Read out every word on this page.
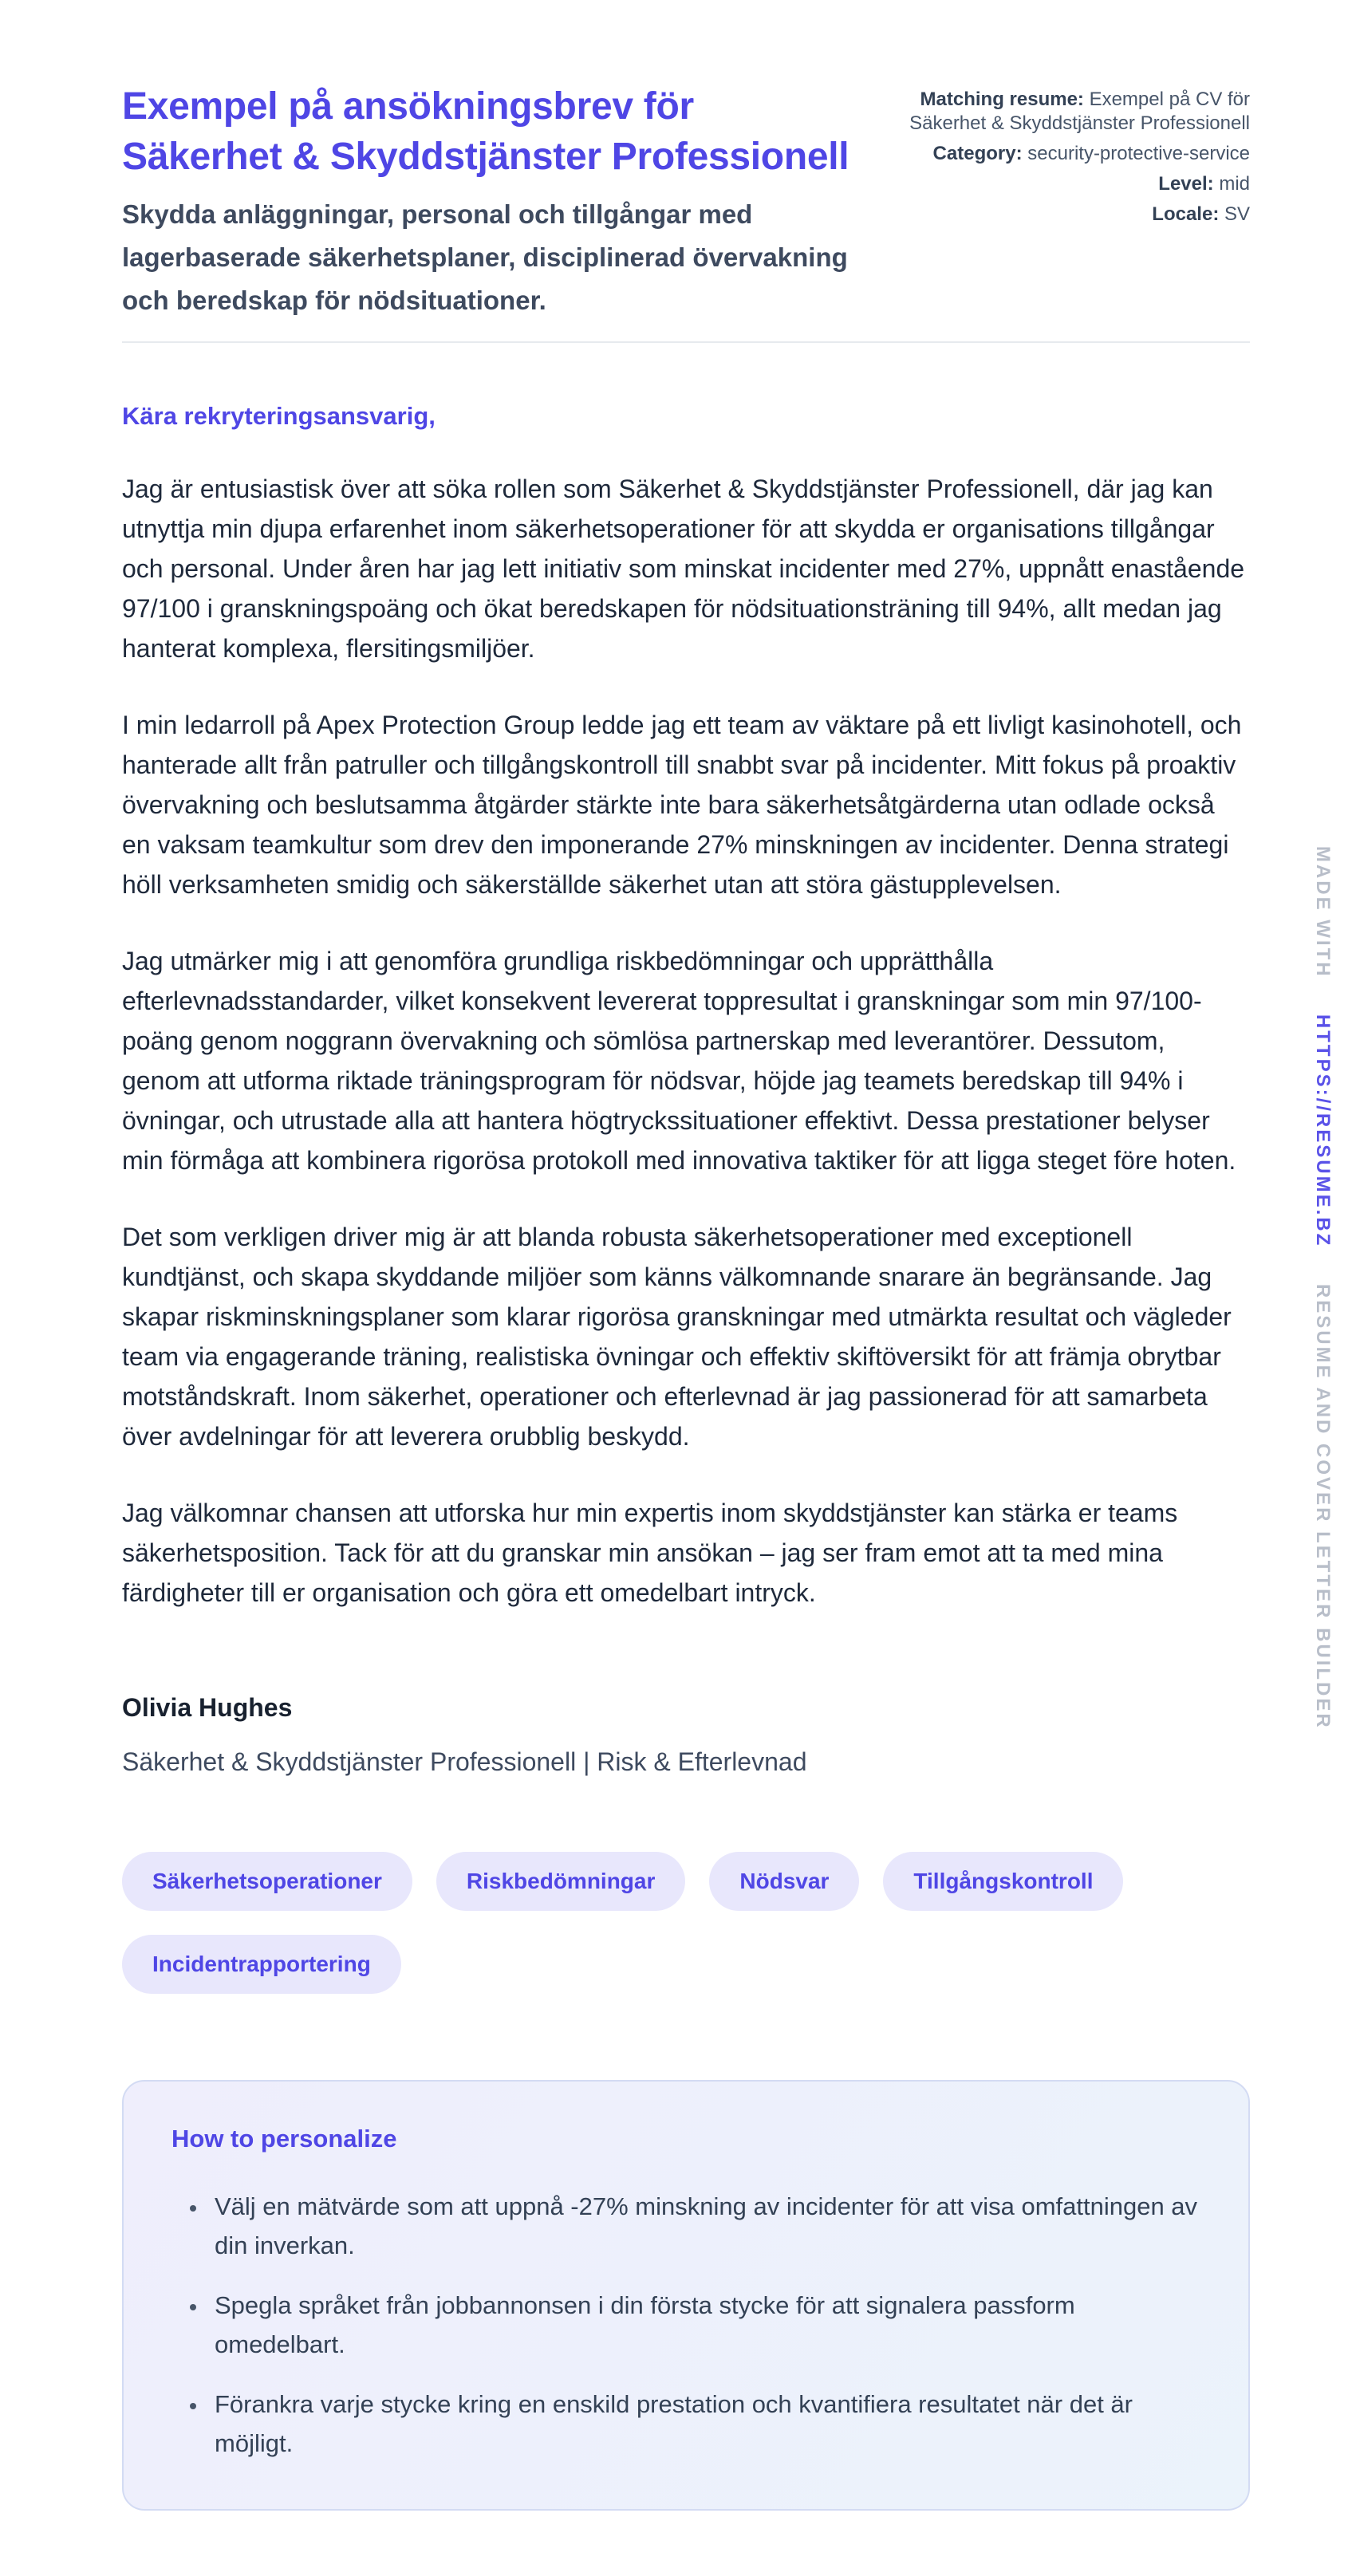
Exempel på ansökningsbrev för Säkerhet & Skyddstjänster Professionell

Skydda anläggningar, personal och tillgångar med lagerbaserade säkerhetsplaner, disciplinerad övervakning och beredskap för nödsituationer.

Matching resume: Exempel på CV för Säkerhet & Skyddstjänster Professionell
Category: security-protective-service
Level: mid
Locale: SV

Kära rekryteringsansvarig,

Jag är entusiastisk över att söka rollen som Säkerhet & Skyddstjänster Professionell, där jag kan utnyttja min djupa erfarenhet inom säkerhetsoperationer för att skydda er organisations tillgångar och personal. Under åren har jag lett initiativ som minskat incidenter med 27%, uppnått enastående 97/100 i granskningspoäng och ökat beredskapen för nödsituationsträning till 94%, allt medan jag hanterat komplexa, flersitingsmiljöer.

I min ledarroll på Apex Protection Group ledde jag ett team av väktare på ett livligt kasinohotell, och hanterade allt från patruller och tillgångskontroll till snabbt svar på incidenter. Mitt fokus på proaktiv övervakning och beslutsamma åtgärder stärkte inte bara säkerhetsåtgärderna utan odlade också en vaksam teamkultur som drev den imponerande 27% minskningen av incidenter. Denna strategi höll verksamheten smidig och säkerställde säkerhet utan att störa gästupplevelsen.

Jag utmärker mig i att genomföra grundliga riskbedömningar och upprätthålla efterlevnadsstandarder, vilket konsekvent levererat toppresultat i granskningar som min 97/100-poäng genom noggrann övervakning och sömlösa partnerskap med leverantörer. Dessutom, genom att utforma riktade träningsprogram för nödsvar, höjde jag teamets beredskap till 94% i övningar, och utrustade alla att hantera högtryckssituationer effektivt. Dessa prestationer belyser min förmåga att kombinera rigorösa protokoll med innovativa taktiker för att ligga steget före hoten.

Det som verkligen driver mig är att blanda robusta säkerhetsoperationer med exceptionell kundtjänst, och skapa skyddande miljöer som känns välkomnande snarare än begränsande. Jag skapar riskminskningsplaner som klarar rigorösa granskningar med utmärkta resultat och vägleder team via engagerande träning, realistiska övningar och effektiv skiftöversikt för att främja obrytbar motståndskraft. Inom säkerhet, operationer och efterlevnad är jag passionerad för att samarbeta över avdelningar för att leverera orubblig beskydd.

Jag välkomnar chansen att utforska hur min expertis inom skyddstjänster kan stärka er teams säkerhetsposition. Tack för att du granskar min ansökan – jag ser fram emot att ta med mina färdigheter till er organisation och göra ett omedelbart intryck.

Olivia Hughes

Säkerhet & Skyddstjänster Professionell | Risk & Efterlevnad

Säkerhetsoperationer	Riskbedömningar	Nödsvar	Tillgångskontroll
Incidentrapportering
How to personalize
• Välj en mätvärde som att uppnå -27% minskning av incidenter för att visa omfattningen av din inverkan.
• Spegla språket från jobbannonsen i din första stycke för att signalera passform omedelbart.
• Förankra varje stycke kring en enskild prestation och kvantifiera resultatet när det är möjligt.
MADE WITH HTTPS://RESUME.BZ RESUME AND COVER LETTER BUILDER
